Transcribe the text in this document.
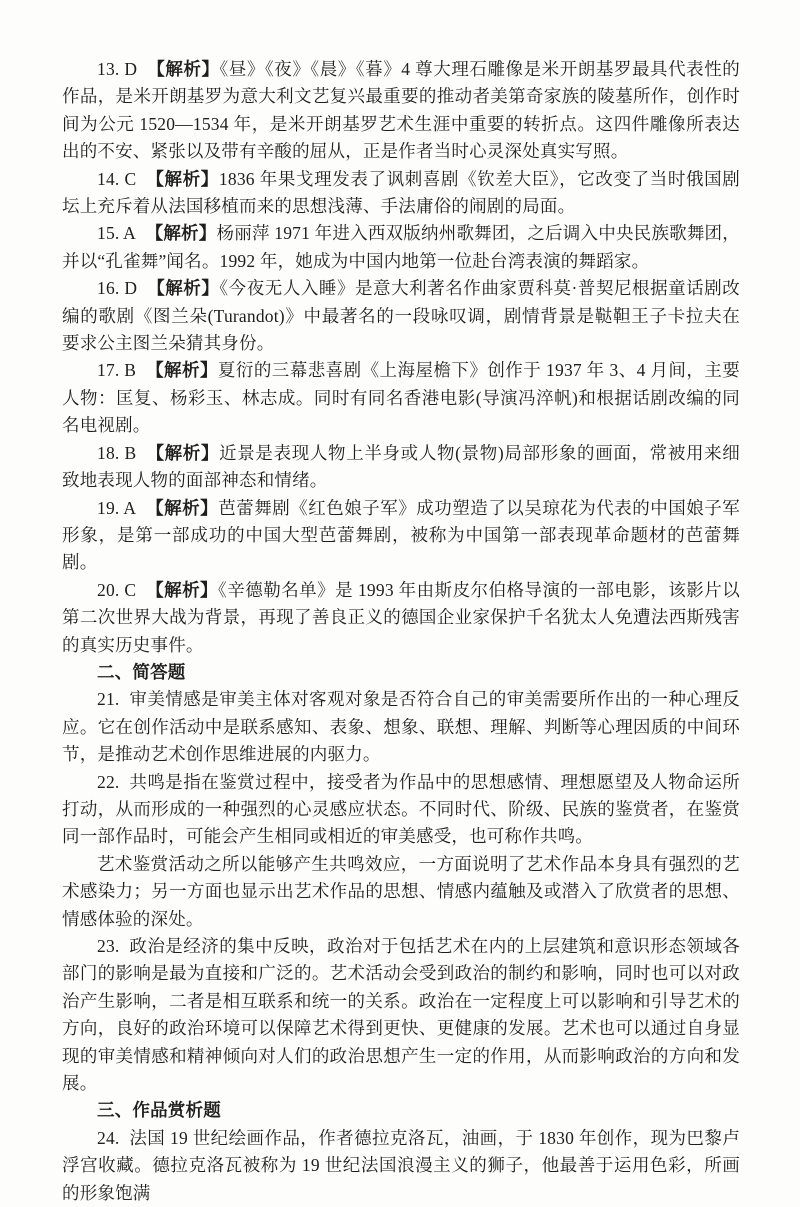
13. D 【解析】《昼》《夜》《晨》《暮》4 尊大理石雕像是米开朗基罗最具代表性的作品，是米开朗基罗为意大利文艺复兴最重要的推动者美第奇家族的陵墓所作，创作时间为公元 1520—1534 年，是米开朗基罗艺术生涯中重要的转折点。这四件雕像所表达出的不安、紧张以及带有辛酸的屈从，正是作者当时心灵深处真实写照。

14. C 【解析】1836 年果戈理发表了讽刺喜剧《钦差大臣》，它改变了当时俄国剧坛上充斥着从法国移植而来的思想浅薄、手法庸俗的闹剧的局面。

15. A 【解析】杨丽萍 1971 年进入西双版纳州歌舞团，之后调入中央民族歌舞团，并以“孔雀舞”闻名。1992 年，她成为中国内地第一位赴台湾表演的舞蹈家。

16. D 【解析】《今夜无人入睡》是意大利著名作曲家贾科莫·普契尼根据童话剧改编的歌剧《图兰朵(Turandot)》中最著名的一段咏叹调，剧情背景是鞑靼王子卡拉夫在要求公主图兰朵猜其身份。

17. B 【解析】夏衍的三幕悲喜剧《上海屋檐下》创作于 1937 年 3、4 月间，主要人物：匡复、杨彩玉、林志成。同时有同名香港电影(导演冯淬帆)和根据话剧改编的同名电视剧。

18. B 【解析】近景是表现人物上半身或人物(景物)局部形象的画面，常被用来细致地表现人物的面部神态和情绪。

19. A 【解析】芭蕾舞剧《红色娘子军》成功塑造了以吴琼花为代表的中国娘子军形象，是第一部成功的中国大型芭蕾舞剧，被称为中国第一部表现革命题材的芭蕾舞剧。

20. C 【解析】《辛德勒名单》是 1993 年由斯皮尔伯格导演的一部电影，该影片以第二次世界大战为背景，再现了善良正义的德国企业家保护千名犹太人免遭法西斯残害的真实历史事件。

二、简答题

21. 审美情感是审美主体对客观对象是否符合自己的审美需要所作出的一种心理反应。它在创作活动中是联系感知、表象、想象、联想、理解、判断等心理因质的中间环节，是推动艺术创作思维进展的内驱力。

22. 共鸣是指在鉴赏过程中，接受者为作品中的思想感情、理想愿望及人物命运所打动，从而形成的一种强烈的心灵感应状态。不同时代、阶级、民族的鉴赏者，在鉴赏同一部作品时，可能会产生相同或相近的审美感受，也可称作共鸣。

艺术鉴赏活动之所以能够产生共鸣效应，一方面说明了艺术作品本身具有强烈的艺术感染力；另一方面也显示出艺术作品的思想、情感内蕴触及或潜入了欣赏者的思想、情感体验的深处。

23. 政治是经济的集中反映，政治对于包括艺术在内的上层建筑和意识形态领域各部门的影响是最为直接和广泛的。艺术活动会受到政治的制约和影响，同时也可以对政治产生影响，二者是相互联系和统一的关系。政治在一定程度上可以影响和引导艺术的方向，良好的政治环境可以保障艺术得到更快、更健康的发展。艺术也可以通过自身显现的审美情感和精神倾向对人们的政治思想产生一定的作用，从而影响政治的方向和发展。

三、作品赏析题

24. 法国 19 世纪绘画作品，作者德拉克洛瓦，油画，于 1830 年创作，现为巴黎卢浮宫收藏。德拉克洛瓦被称为 19 世纪法国浪漫主义的狮子，他最善于运用色彩，所画的形象饱满
